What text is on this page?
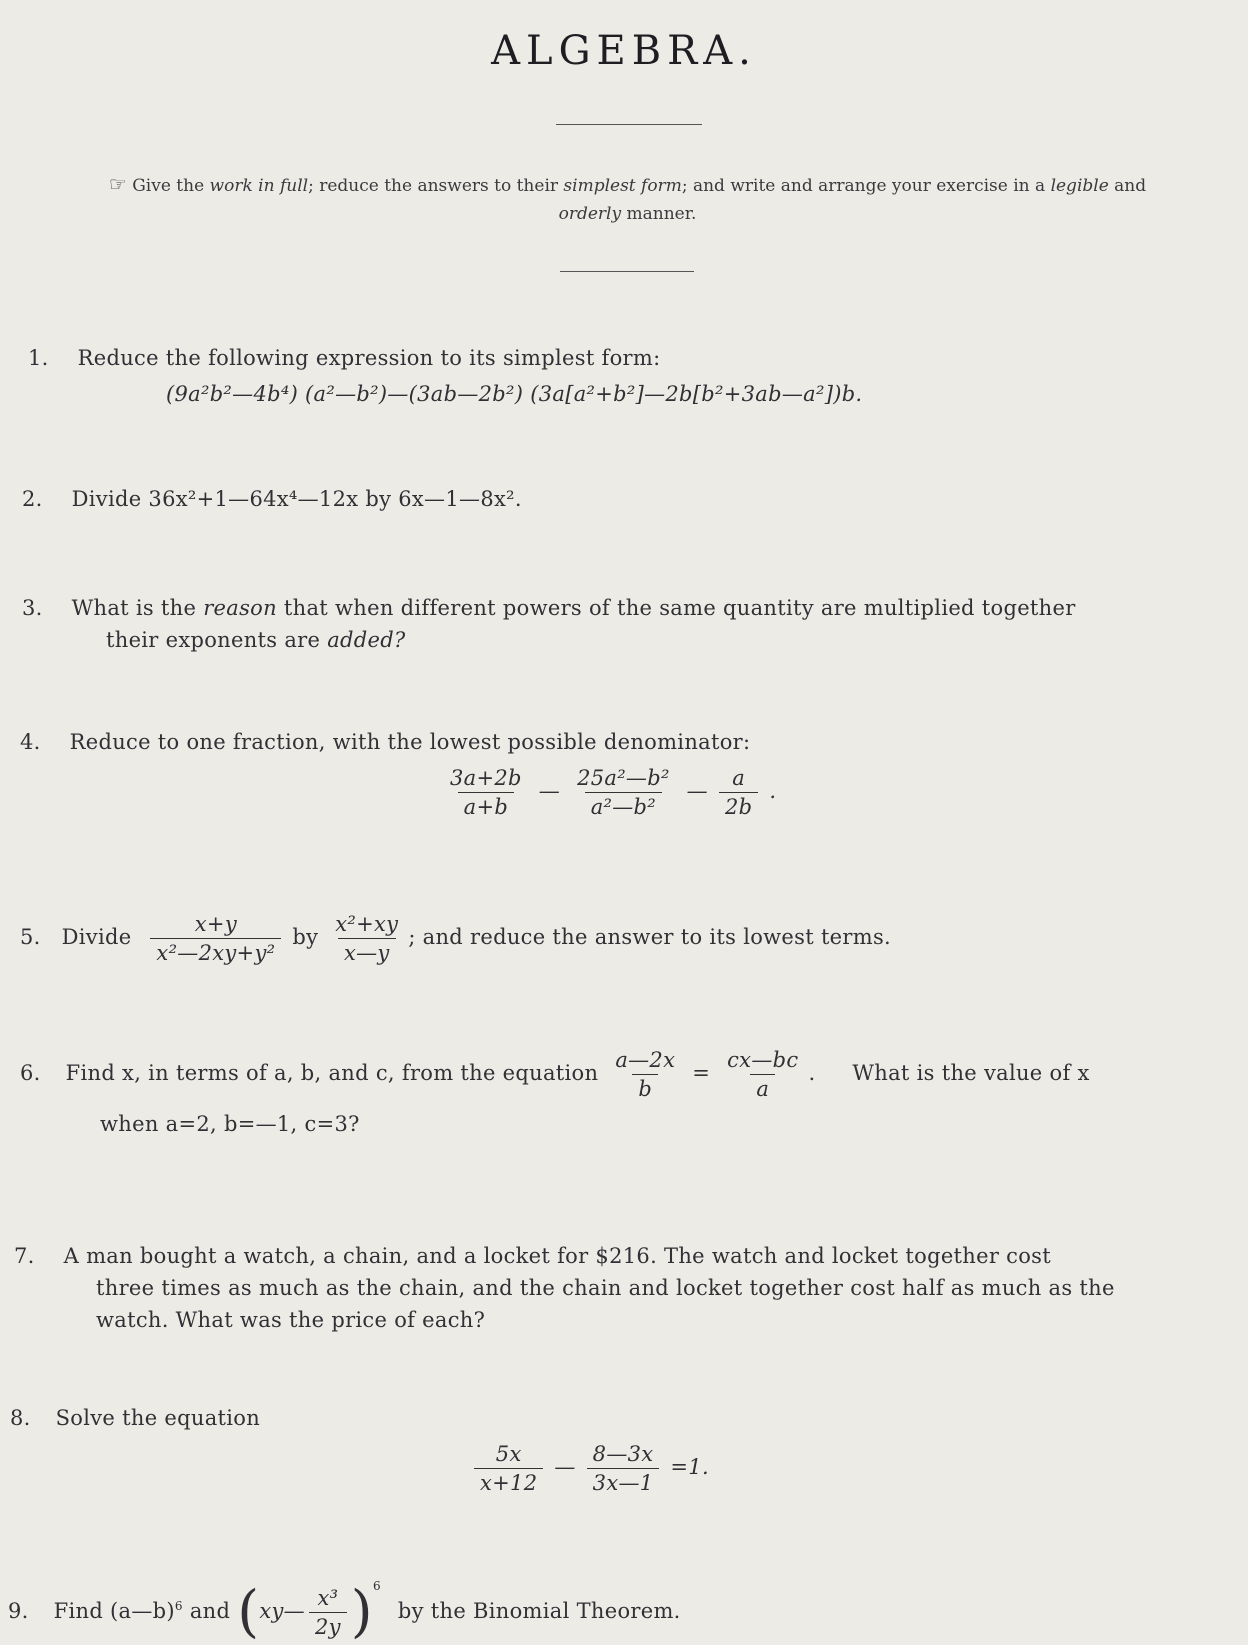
ALGEBRA.
☞ Give the work in full; reduce the answers to their simplest form; and write and arrange your exercise in a legible and
orderly manner.
1. Reduce the following expression to its simplest form:
(9a²b²—4b⁴) (a²—b²)—(3ab—2b²) (3a[a²+b²]—2b[b²+3ab—a²])b.
2. Divide 36x²+1—64x⁴—12x by 6x—1—8x².
3. What is the reason that when different powers of the same quantity are multiplied together
their exponents are added?
4. Reduce to one fraction, with the lowest possible denominator:
$\frac{3a+2b}{a+b}$ — $\frac{\text{25a²—b²}}{\text{a²—b²}}$ — $\frac{a}{2b}$ .
5. Divide $\frac{x+y}{\text{x²—2xy+y²}}$ by $\frac{\text{x²+xy}}{x—y}$ ; and reduce the answer to its lowest terms.
6. Find x, in terms of a, b, and c, from the equation $\frac{a—2x}{b} = \frac{cx—bc}{a}$ . What is the value of x
when a=2, b=—1, c=3?
7. A man bought a watch, a chain, and a locket for $216. The watch and locket together cost
three times as much as the chain, and the chain and locket together cost half as much as the
watch. What was the price of each?
8. Solve the equation
$\frac{5x}{x+12}$ — $\frac{8—3x}{3x—1} =1$.
9. Find (a—b)$^6$ and (xy— $\frac{\text{x³}}{2y} )^6$ by the Binomial Theorem.
